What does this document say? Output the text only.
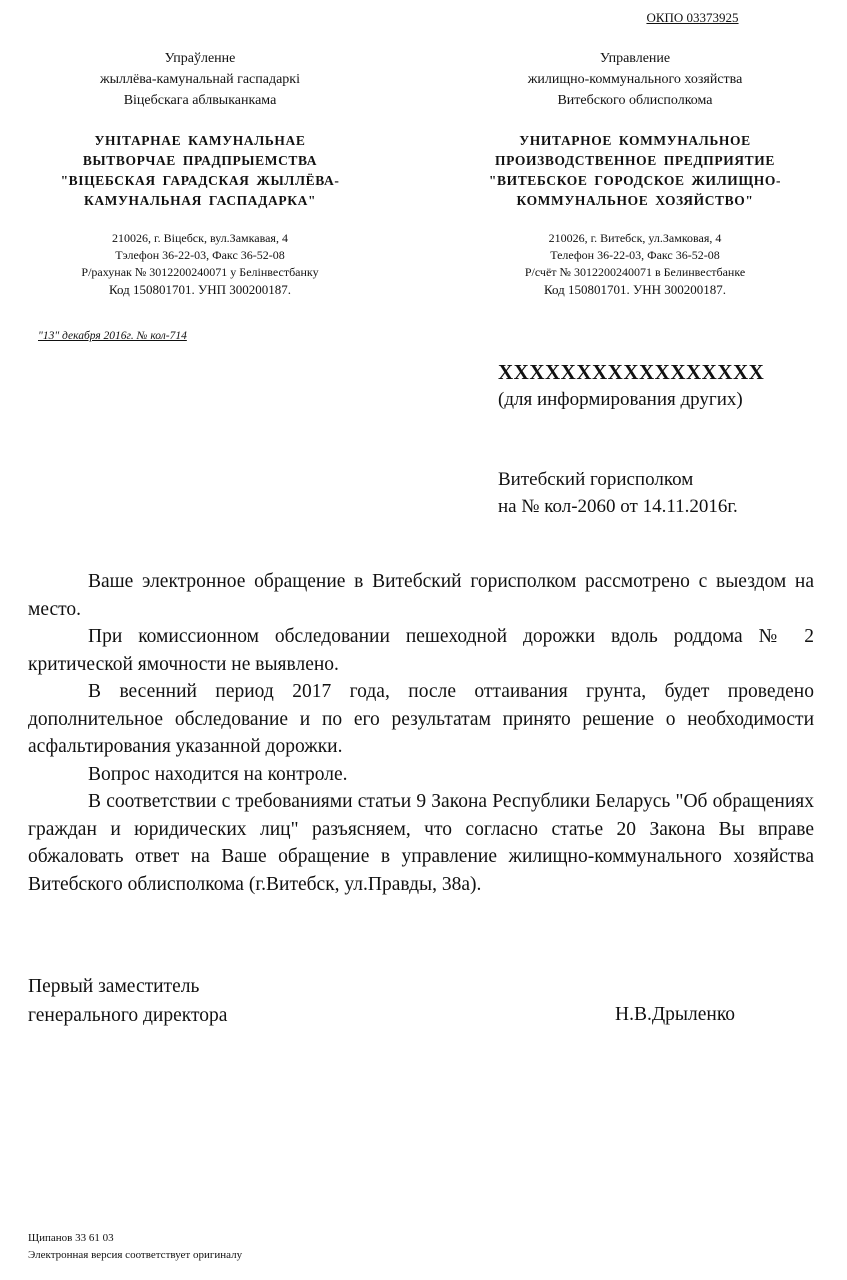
ОКПО 03373925
Упраўленне
жыллёва-камунальнай гаспадаркі
Віцебскага аблвыканкама
УНІТАРНАЕ КАМУНАЛЬНАЕ
ВЫТВОРЧАЕ ПРАДПРЫЕМСТВА
"ВІЦЕБСКАЯ ГАРАДСКАЯ ЖЫЛЛЁВА-
КАМУНАЛЬНАЯ ГАСПАДАРКА"
210026, г. Віцебск, вул.Замкавая, 4
Тэлефон 36-22-03, Факс 36-52-08
Р/рахунак № 3012200240071 у Белінвестбанку
Код 150801701. УНП 300200187.
Управление
жилищно-коммунального хозяйства
Витебского облисполкома
УНИТАРНОЕ КОММУНАЛЬНОЕ
ПРОИЗВОДСТВЕННОЕ ПРЕДПРИЯТИЕ
"ВИТЕБСКОЕ ГОРОДСКОЕ ЖИЛИЩНО-
КОММУНАЛЬНОЕ ХОЗЯЙСТВО"
210026, г. Витебск, ул.Замковая, 4
Телефон 36-22-03, Факс 36-52-08
Р/счёт № 3012200240071 в Белинвестбанке
Код 150801701. УНН 300200187.
"13" декабря 2016г. № кол-714
XXXXXXXXXXXXXXXXX
(для информирования других)
Витебский горисполком
на № кол-2060 от 14.11.2016г.

Ваше электронное обращение в Витебский горисполком рассмотрено с выездом на место.

При комиссионном обследовании пешеходной дорожки вдоль роддома № 2 критической ямочности не выявлено.

В весенний период 2017 года, после оттаивания грунта, будет проведено дополнительное обследование и по его результатам принято решение о необходимости асфальтирования указанной дорожки.

Вопрос находится на контроле.

В соответствии с требованиями статьи 9 Закона Республики Беларусь "Об обращениях граждан и юридических лиц" разъясняем, что согласно статье 20 Закона Вы вправе обжаловать ответ на Ваше обращение в управление жилищно-коммунального хозяйства Витебского облисполкома (г.Витебск, ул.Правды, 38а).

Первый заместитель
генерального директора	Н.В.Дрыленко
Щипанов 33 61 03
Электронная версия соответствует оригиналу
